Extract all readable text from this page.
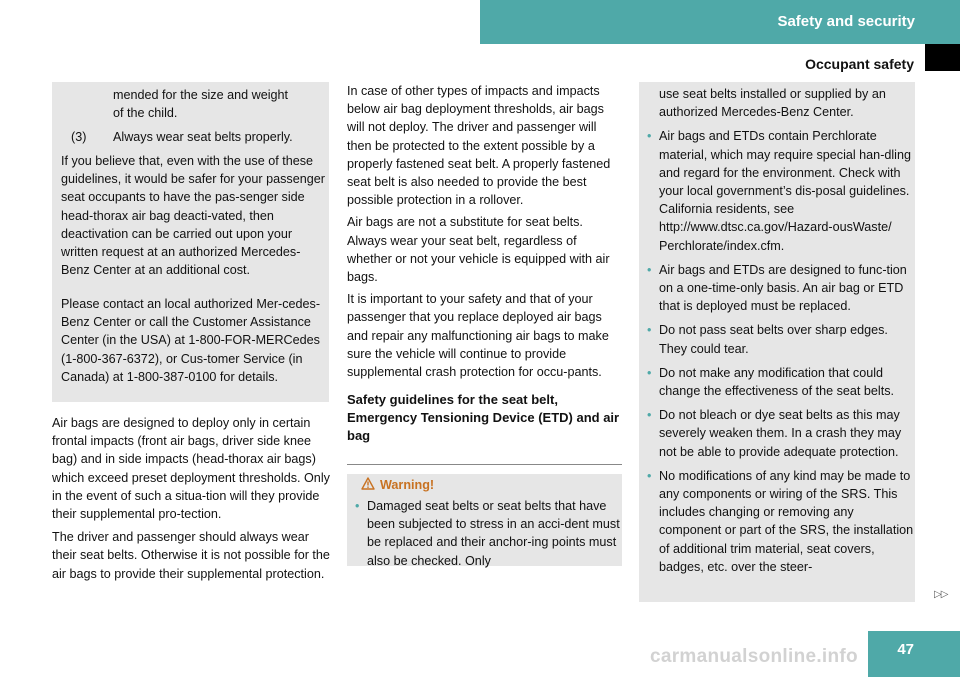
Safety and security
Occupant safety
mended for the size and weight
of the child.
(3) Always wear seat belts properly.

If you believe that, even with the use of these guidelines, it would be safer for your passenger seat occupants to have the pas-senger side head-thorax air bag deacti-vated, then deactivation can be carried out upon your written request at an authorized Mercedes-Benz Center at an additional cost.

Please contact an local authorized Mer-cedes-Benz Center or call the Customer Assistance Center (in the USA) at 1-800-FOR-MERCedes (1-800-367-6372), or Cus-tomer Service (in Canada) at 1-800-387-0100 for details.

Air bags are designed to deploy only in certain frontal impacts (front air bags, driver side knee bag) and in side impacts (head-thorax air bags) which exceed preset deployment thresholds. Only in the event of such a situa-tion will they provide their supplemental pro-tection.

The driver and passenger should always wear their seat belts. Otherwise it is not possible for the air bags to provide their supplemental protection.

In case of other types of impacts and impacts below air bag deployment thresholds, air bags will not deploy. The driver and passenger will then be protected to the extent possible by a properly fastened seat belt. A properly fastened seat belt is also needed to provide the best possible protection in a rollover.

Air bags are not a substitute for seat belts. Always wear your seat belt, regardless of whether or not your vehicle is equipped with air bags.

It is important to your safety and that of your passenger that you replace deployed air bags and repair any malfunctioning air bags to make sure the vehicle will continue to provide supplemental crash protection for occu-pants.

Safety guidelines for the seat belt, Emergency Tensioning Device (ETD) and air bag

Warning!
• Damaged seat belts or seat belts that have been subjected to stress in an acci-dent must be replaced and their anchor-ing points must also be checked. Only

use seat belts installed or supplied by an authorized Mercedes-Benz Center.

• Air bags and ETDs contain Perchlorate material, which may require special han-dling and regard for the environment. Check with your local government’s dis-posal guidelines. California residents, see http://www.dtsc.ca.gov/Hazard-ousWaste/ Perchlorate/index.cfm.
• Air bags and ETDs are designed to func-tion on a one-time-only basis. An air bag or ETD that is deployed must be replaced.
• Do not pass seat belts over sharp edges. They could tear.
• Do not make any modification that could change the effectiveness of the seat belts.
• Do not bleach or dye seat belts as this may severely weaken them. In a crash they may not be able to provide adequate protection.
• No modifications of any kind may be made to any components or wiring of the SRS. This includes changing or removing any component or part of the SRS, the installation of additional trim material, seat covers, badges, etc. over the steer-
▷▷
47
carmanualsonline.info
